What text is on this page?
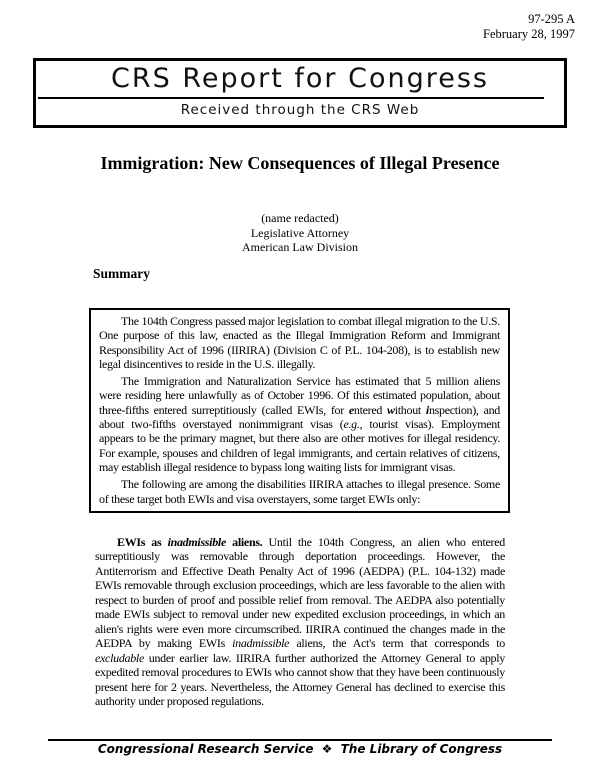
97-295 A
February 28, 1997
CRS Report for Congress
Received through the CRS Web
Immigration: New Consequences of Illegal Presence
(name redacted)
Legislative Attorney
American Law Division
Summary

The 104th Congress passed major legislation to combat illegal migration to the U.S. One purpose of this law, enacted as the Illegal Immigration Reform and Immigrant Responsibility Act of 1996 (IIRIRA) (Division C of P.L. 104-208), is to establish new legal disincentives to reside in the U.S. illegally.

The Immigration and Naturalization Service has estimated that 5 million aliens were residing here unlawfully as of October 1996. Of this estimated population, about three-fifths entered surreptitiously (called EWIs, for entered without inspection), and about two-fifths overstayed nonimmigrant visas (e.g., tourist visas). Employment appears to be the primary magnet, but there also are other motives for illegal residency. For example, spouses and children of legal immigrants, and certain relatives of citizens, may establish illegal residence to bypass long waiting lists for immigrant visas.

The following are among the disabilities IIRIRA attaches to illegal presence. Some of these target both EWIs and visa overstayers, some target EWIs only:

EWIs as inadmissible aliens. Until the 104th Congress, an alien who entered surreptitiously was removable through deportation proceedings. However, the Antiterrorism and Effective Death Penalty Act of 1996 (AEDPA) (P.L. 104-132) made EWIs removable through exclusion proceedings, which are less favorable to the alien with respect to burden of proof and possible relief from removal. The AEDPA also potentially made EWIs subject to removal under new expedited exclusion proceedings, in which an alien's rights were even more circumscribed. IIRIRA continued the changes made in the AEDPA by making EWIs inadmissible aliens, the Act's term that corresponds to excludable under earlier law. IIRIRA further authorized the Attorney General to apply expedited removal procedures to EWIs who cannot show that they have been continuously present here for 2 years. Nevertheless, the Attorney General has declined to exercise this authority under proposed regulations.

Congressional Research Service ❖ The Library of Congress
